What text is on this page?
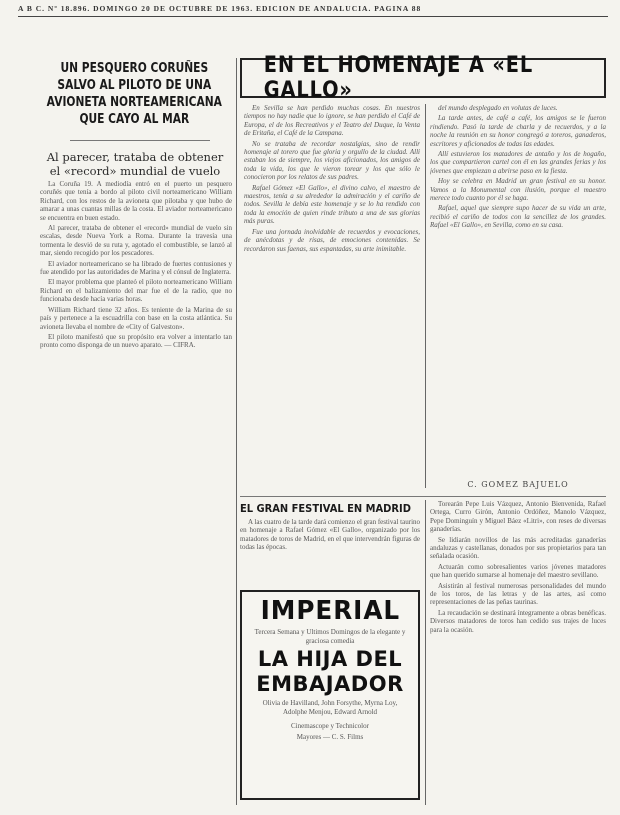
A B C. Nº 18.896. DOMINGO 20 DE OCTUBRE DE 1963. EDICION DE ANDALUCIA. PAGINA 88
UN PESQUERO CORUÑES SALVO AL PILOTO DE UNA AVIONETA NORTEAMERICANA QUE CAYO AL MAR
Al parecer, trataba de obtener el «record» mundial de vuelo

La Coruña 19. A mediodía entró en el puerto un pesquero coruñés que tenía a bordo al piloto civil norteamericano William Richard, con los restos de la avioneta que pilotaba y que hubo de amarar a unas cuantas millas de la costa. El aviador norteamericano se encuentra en buen estado.

Al parecer, trataba de obtener el «record» mundial de vuelo sin escalas, desde Nueva York a Roma. Durante la travesía una tormenta le desvió de su ruta y, agotado el combustible, se lanzó al mar, siendo recogido por los pescadores.

El aviador norteamericano se ha librado de fuertes contusiones y fue atendido por las autoridades de Marina y el cónsul de Inglaterra.

El mayor problema que planteó el piloto norteamericano William Richard en el balizamiento del mar fue el de la radio, que no funcionaba desde hacía varias horas.

William Richard tiene 32 años. Es teniente de la Marina de su país y pertenece a la escuadrilla con base en la costa atlántica. Su avioneta llevaba el nombre de «City of Galveston».

El piloto manifestó que su propósito era volver a intentarlo tan pronto como disponga de un nuevo aparato. — CIFRA.

EN EL HOMENAJE A «EL GALLO»

En Sevilla se han perdido muchas cosas. En nuestros tiempos no hay nadie que lo ignore, se han perdido el Café de Europa, el de los Recreativos y el Teatro del Duque, la Venta de Eritaña, el Café de la Campana.

No se trataba de recordar nostalgias, sino de rendir homenaje al torero que fue gloria y orgullo de la ciudad. Allí estaban los de siempre, los viejos aficionados, los amigos de toda la vida, los que le vieron torear y los que sólo le conocieron por los relatos de sus padres.

Rafael Gómez «El Gallo», el divino calvo, el maestro de maestros, tenía a su alrededor la admiración y el cariño de todos. Sevilla le debía este homenaje y se lo ha rendido con toda la emoción de quien rinde tributo a una de sus glorias más puras.

Fue una jornada inolvidable de recuerdos y evocaciones, de anécdotas y de risas, de emociones contenidas. Se recordaron sus faenas, sus espantadas, su arte inimitable.

del mundo desplegado en volutas de luces.

La tarde antes, de café a café, los amigos se le fueron rindiendo. Pasó la tarde de charla y de recuerdos, y a la noche la reunión en su honor congregó a toreros, ganaderos, escritores y aficionados de todas las edades.

Allí estuvieron los matadores de antaño y los de hogaño, los que compartieron cartel con él en las grandes ferias y los jóvenes que empiezan a abrirse paso en la fiesta.

Hoy se celebra en Madrid un gran festival en su honor. Vamos a la Monumental con ilusión, porque el maestro merece todo cuanto por él se haga.

Rafael, aquel que siempre supo hacer de su vida un arte, recibió el cariño de todos con la sencillez de los grandes. Rafael «El Gallo», en Sevilla, como en su casa.

C. GOMEZ BAJUELO
EL GRAN FESTIVAL EN MADRID

A las cuatro de la tarde dará comienzo el gran festival taurino en homenaje a Rafael Gómez «El Gallo», organizado por los matadores de toros de Madrid, en el que intervendrán figuras de todas las épocas.

Torearán Pepe Luis Vázquez, Antonio Bienvenida, Rafael Ortega, Curro Girón, Antonio Ordóñez, Manolo Vázquez, Pepe Dominguín y Miguel Báez «Litri», con reses de diversas ganaderías.

Se lidiarán novillos de las más acreditadas ganaderías andaluzas y castellanas, donados por sus propietarios para tan señalada ocasión.

Actuarán como sobresalientes varios jóvenes matadores que han querido sumarse al homenaje del maestro sevillano.

Asistirán al festival numerosas personalidades del mundo de los toros, de las letras y de las artes, así como representaciones de las peñas taurinas.

La recaudación se destinará íntegramente a obras benéficas. Diversos matadores de toros han cedido sus trajes de luces para la ocasión.

IMPERIAL
Tercera Semana y Ultimos Domingos de la elegante y graciosa comedia
LA HIJA DEL EMBAJADOR
Olivia de Havilland, John Forsythe, Myrna Loy, Adolphe Menjou, Edward Arnold
Cinemascope y Technicolor
Mayores — C. S. Films
